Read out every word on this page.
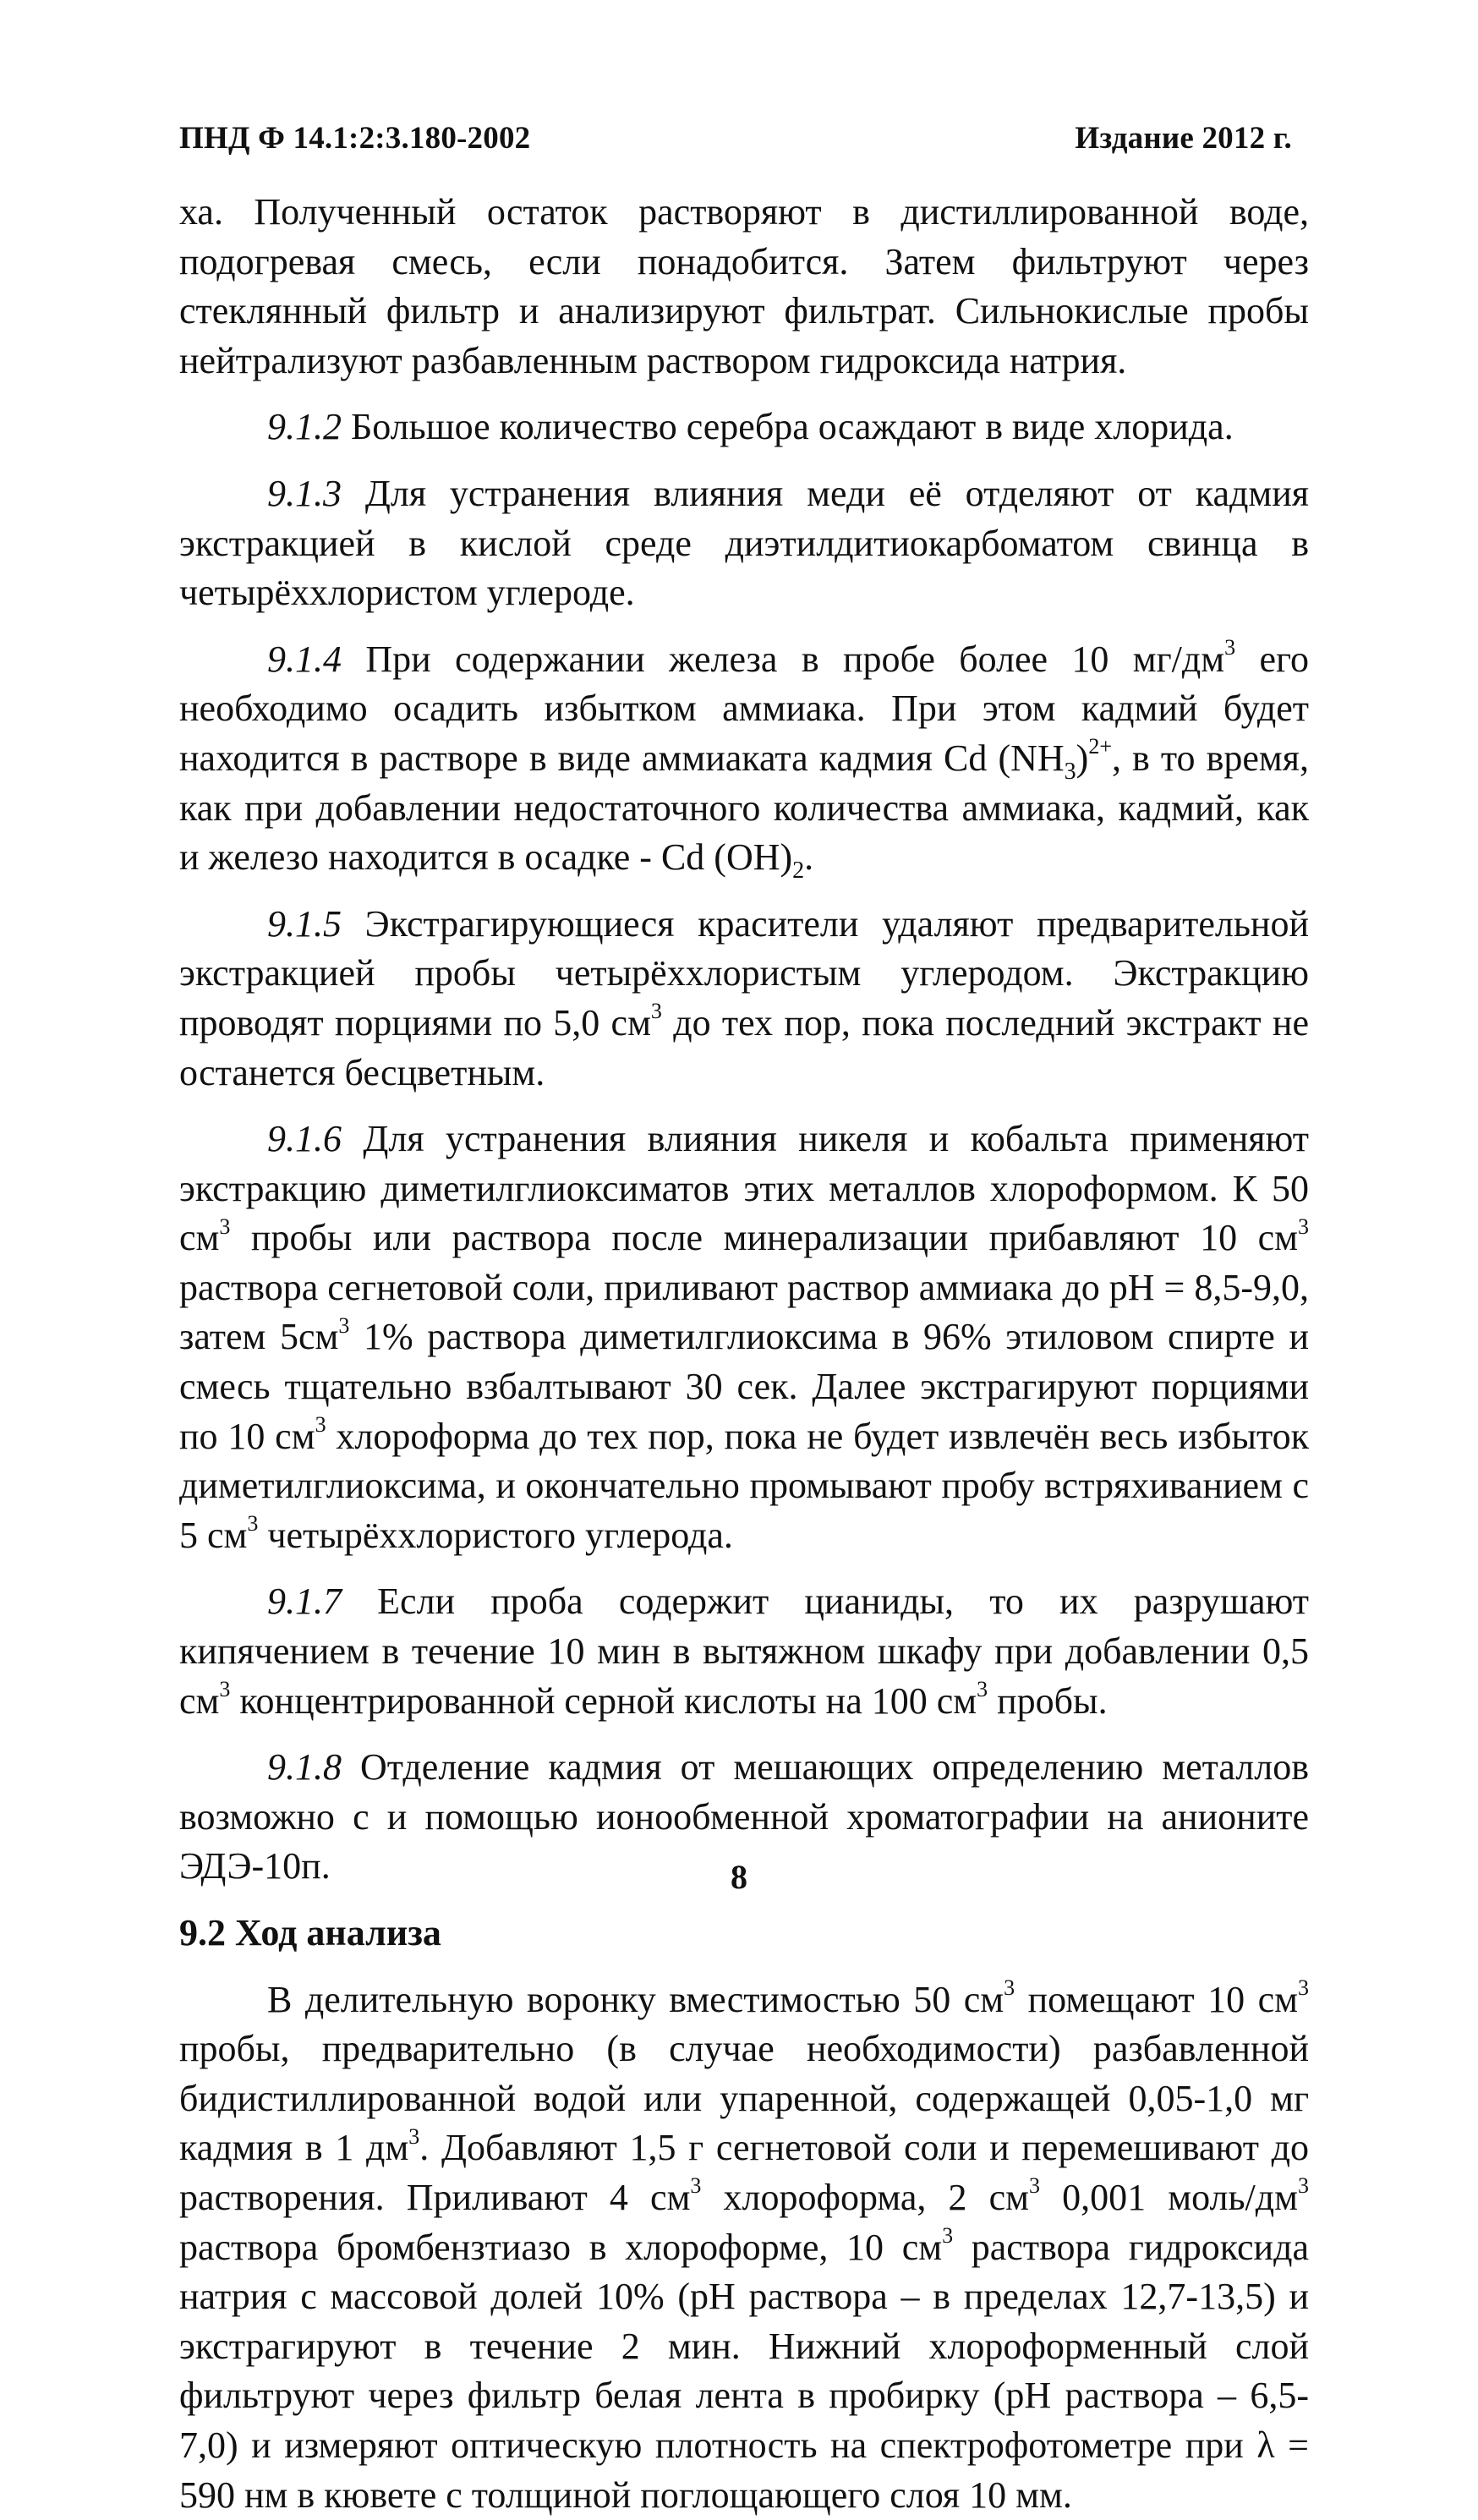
ПНД Ф 14.1:2:3.180-2002	Издание 2012 г.

ха. Полученный остаток растворяют в дистиллированной воде, подогревая смесь, если понадобится. Затем фильтруют через стеклянный фильтр и анализируют фильтрат. Сильнокислые пробы нейтрализуют разбавленным раствором гидроксида натрия.

9.1.2 Большое количество серебра осаждают в виде хлорида.

9.1.3 Для устранения влияния меди её отделяют от кадмия экстракцией в кислой среде диэтилдитиокарбоматом свинца в четырёххлористом углероде.

9.1.4 При содержании железа в пробе более 10 $мг/дм^3$ его необходимо осадить избытком аммиака. При этом кадмий будет находится в растворе в виде аммиаката кадмия Cd $(NH_3)^{2+}$, в то время, как при добавлении недостаточного количества аммиака, кадмий, как и железо находится в осадке - Cd $(OH)_2$.

9.1.5 Экстрагирующиеся красители удаляют предварительной экстракцией пробы четырёххлористым углеродом. Экстракцию проводят порциями по 5,0 $см^3$ до тех пор, пока последний экстракт не останется бесцветным.

9.1.6 Для устранения влияния никеля и кобальта применяют экстракцию диметилглиоксиматов этих металлов хлороформом. К 50 $см^3$ пробы или раствора после минерализации прибавляют 10 $см^3$ раствора сегнетовой соли, приливают раствор аммиака до pH = 8,5-9,0, затем $5см^3$ 1% раствора диметилглиоксима в 96% этиловом спирте и смесь тщательно взбалтывают 30 сек. Далее экстрагируют порциями по 10 $см^3$ хлороформа до тех пор, пока не будет извлечён весь избыток диметилглиоксима, и окончательно промывают пробу встряхиванием с 5 $см^3$ четырёххлористого углерода.

9.1.7 Если проба содержит цианиды, то их разрушают кипячением в течение 10 мин в вытяжном шкафу при добавлении 0,5 $см^3$ концентрированной серной кислоты на 100 $см^3$ пробы.

9.1.8 Отделение кадмия от мешающих определению металлов возможно с и помощью ионообменной хроматографии на анионите ЭДЭ-10п.

9.2 Ход анализа

В делительную воронку вместимостью 50 $см^3$ помещают 10 $см^3$ пробы, предварительно (в случае необходимости) разбавленной бидистиллированной водой или упаренной, содержащей 0,05-1,0 мг кадмия в 1 $дм^3$. Добавляют 1,5 г сегнетовой соли и перемешивают до растворения. Приливают 4 $см^3$ хлороформа, 2 $см^3$ 0,001 моль/$дм^3$ раствора бромбензтиазо в хлороформе, 10 $см^3$ раствора гидроксида натрия с массовой долей 10% (pH раствора – в пределах 12,7-13,5) и экстрагируют в течение 2 мин. Нижний хлороформенный слой фильтруют через фильтр белая лента в пробирку (pH раствора – 6,5-7,0) и измеряют оптическую плотность на спектрофотометре при λ = 590 нм в кювете с толщиной поглощающего слоя 10 мм.

8
